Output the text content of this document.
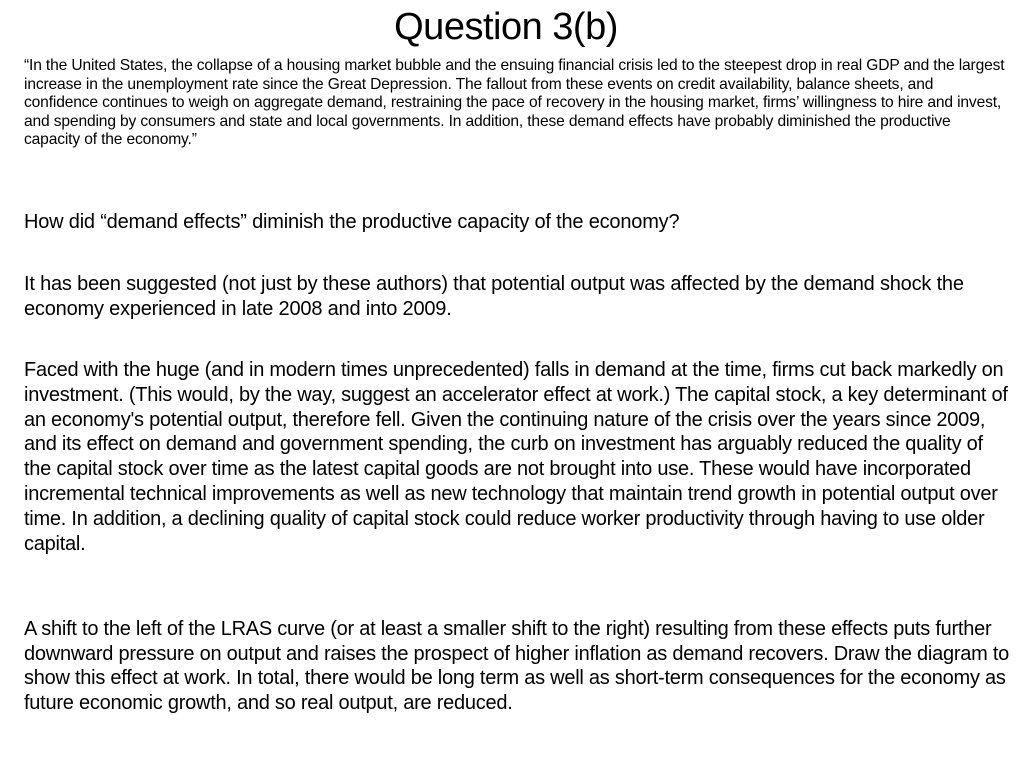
Question 3(b)

“In the United States, the collapse of a housing market bubble and the ensuing financial crisis led to the steepest drop in real GDP and the largest increase in the unemployment rate since the Great Depression. The fallout from these events on credit availability, balance sheets, and confidence continues to weigh on aggregate demand, restraining the pace of recovery in the housing market, firms’ willingness to hire and invest, and spending by consumers and state and local governments. In addition, these demand effects have probably diminished the productive capacity of the economy.”

How did “demand effects” diminish the productive capacity of the economy?

It has been suggested (not just by these authors) that potential output was affected by the demand shock the economy experienced in late 2008 and into 2009.

Faced with the huge (and in modern times unprecedented) falls in demand at the time, firms cut back markedly on investment. (This would, by the way, suggest an accelerator effect at work.) The capital stock, a key determinant of an economy's potential output, therefore fell. Given the continuing nature of the crisis over the years since 2009, and its effect on demand and government spending, the curb on investment has arguably reduced the quality of the capital stock over time as the latest capital goods are not brought into use. These would have incorporated incremental technical improvements as well as new technology that maintain trend growth in potential output over time. In addition, a declining quality of capital stock could reduce worker productivity through having to use older capital.

A shift to the left of the LRAS curve (or at least a smaller shift to the right) resulting from these effects puts further downward pressure on output and raises the prospect of higher inflation as demand recovers. Draw the diagram to show this effect at work. In total, there would be long term as well as short-term consequences for the economy as future economic growth, and so real output, are reduced.
